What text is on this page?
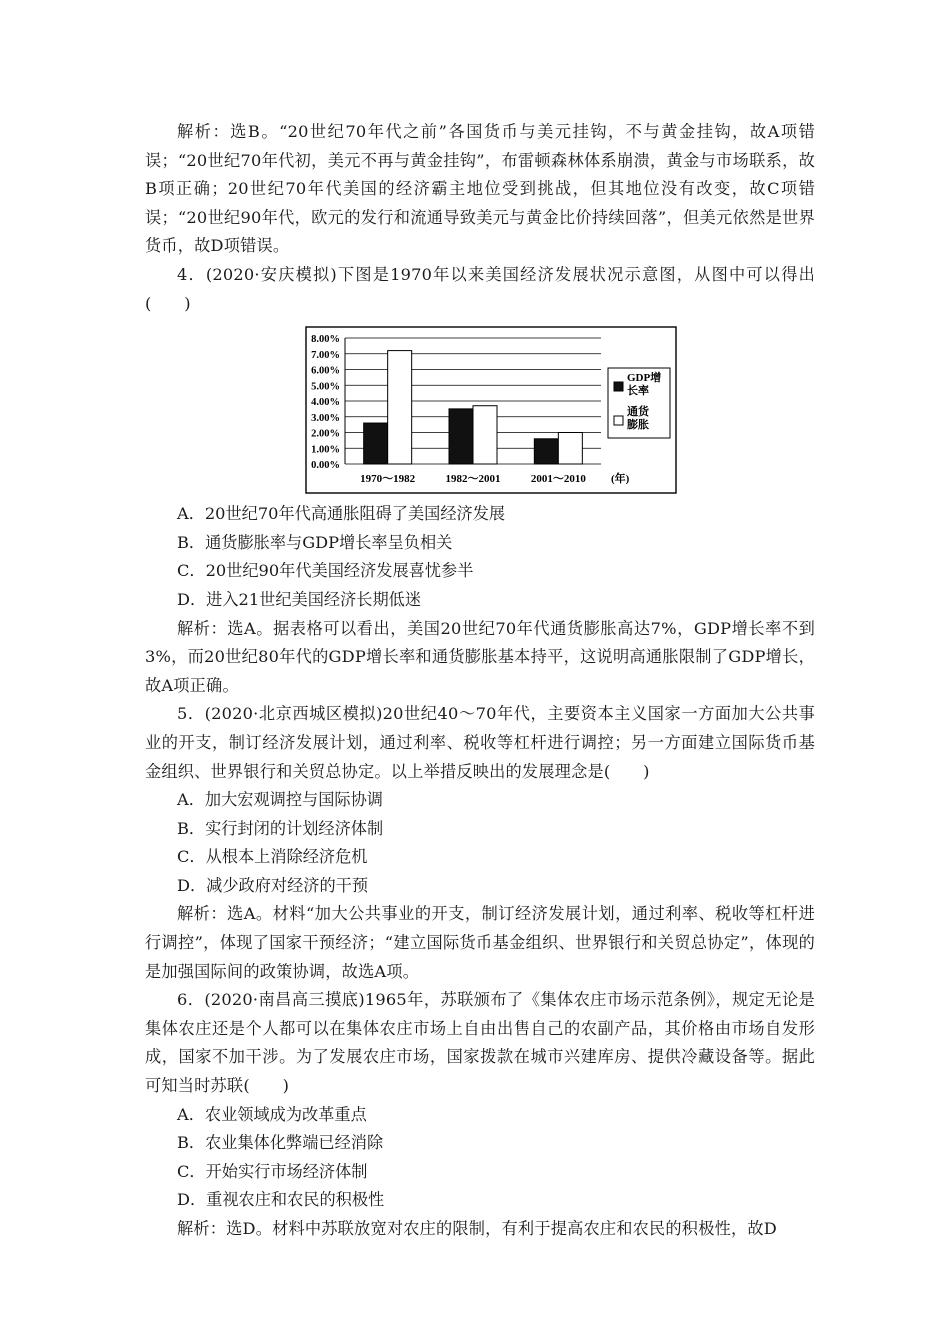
解析：选B。“20世纪70年代之前”各国货币与美元挂钩，不与黄金挂钩，故A项错误；“20世纪70年代初，美元不再与黄金挂钩”，布雷顿森林体系崩溃，黄金与市场联系，故B项正确；20世纪70年代美国的经济霸主地位受到挑战，但其地位没有改变，故C项错误；“20世纪90年代，欧元的发行和流通导致美元与黄金比价持续回落”，但美元依然是世界货币，故D项错误。

4．(2020·安庆模拟)下图是1970年以来美国经济发展状况示意图，从图中可以得出(　　)

0.00%
1.00%
2.00%
3.00%
4.00%
5.00%
6.00%
7.00%
8.00%
1970～1982	1982～2001	2001～2010 (年)
GDP增
长率
通货
膨胀

A．20世纪70年代高通胀阻碍了美国经济发展

B．通货膨胀率与GDP增长率呈负相关

C．20世纪90年代美国经济发展喜忧参半

D．进入21世纪美国经济长期低迷

解析：选A。据表格可以看出，美国20世纪70年代通货膨胀高达7%，GDP增长率不到3%，而20世纪80年代的GDP增长率和通货膨胀基本持平，这说明高通胀限制了GDP增长，故A项正确。

5．(2020·北京西城区模拟)20世纪40～70年代，主要资本主义国家一方面加大公共事业的开支，制订经济发展计划，通过利率、税收等杠杆进行调控；另一方面建立国际货币基金组织、世界银行和关贸总协定。以上举措反映出的发展理念是(　　)

A．加大宏观调控与国际协调

B．实行封闭的计划经济体制

C．从根本上消除经济危机

D．减少政府对经济的干预

解析：选A。材料“加大公共事业的开支，制订经济发展计划，通过利率、税收等杠杆进行调控”，体现了国家干预经济；“建立国际货币基金组织、世界银行和关贸总协定”，体现的是加强国际间的政策协调，故选A项。

6．(2020·南昌高三摸底)1965年，苏联颁布了《集体农庄市场示范条例》，规定无论是集体农庄还是个人都可以在集体农庄市场上自由出售自己的农副产品，其价格由市场自发形成，国家不加干涉。为了发展农庄市场，国家拨款在城市兴建库房、提供冷藏设备等。据此可知当时苏联(　　)

A．农业领域成为改革重点

B．农业集体化弊端已经消除

C．开始实行市场经济体制

D．重视农庄和农民的积极性

解析：选D。材料中苏联放宽对农庄的限制，有利于提高农庄和农民的积极性，故D
